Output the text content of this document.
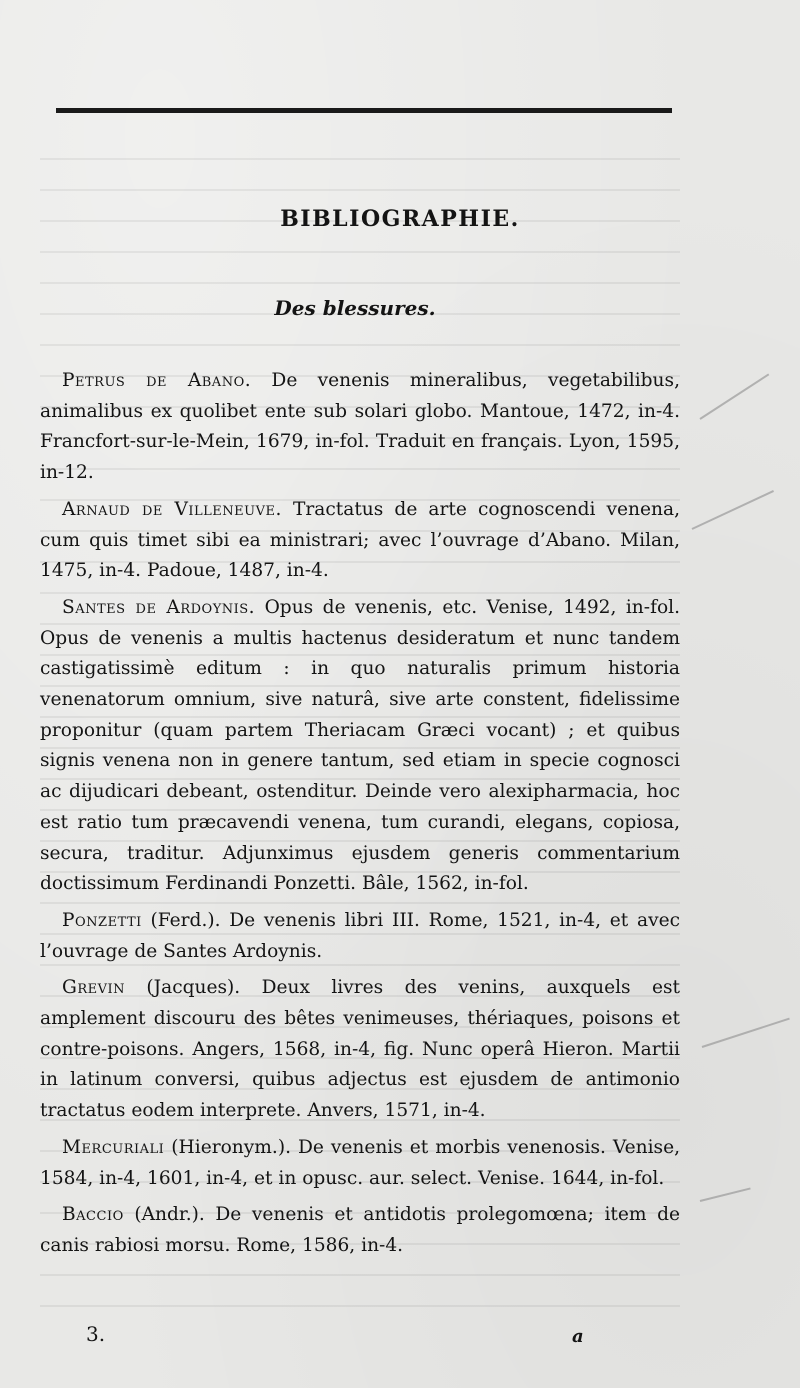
BIBLIOGRAPHIE.
Des blessures.

Petrus de Abano. De venenis mineralibus, vegetabilibus, animalibus ex quolibet ente sub solari globo. Mantoue, 1472, in-4. Francfort-sur-le-Mein, 1679, in-fol. Traduit en français. Lyon, 1595, in-12.

Arnaud de Villeneuve. Tractatus de arte cognoscendi venena, cum quis timet sibi ea ministrari; avec l’ouvrage d’Abano. Milan, 1475, in-4. Padoue, 1487, in-4.

Santes de Ardoynis. Opus de venenis, etc. Venise, 1492, in-fol. Opus de venenis a multis hactenus desideratum et nunc tandem castigatissimè editum : in quo naturalis primum historia venenatorum omnium, sive naturâ, sive arte constent, fidelissime proponitur (quam partem Theriacam Græci vocant) ; et quibus signis venena non in genere tantum, sed etiam in specie cognosci ac dijudicari debeant, ostenditur. Deinde vero alexipharmacia, hoc est ratio tum præcavendi venena, tum curandi, elegans, copiosa, secura, traditur. Adjunximus ejusdem generis commentarium doctissimum Ferdinandi Ponzetti. Bâle, 1562, in-fol.

Ponzetti (Ferd.). De venenis libri III. Rome, 1521, in-4, et avec l’ouvrage de Santes Ardoynis.

Grevin (Jacques). Deux livres des venins, auxquels est amplement discouru des bêtes venimeuses, thériaques, poisons et contre-poisons. Angers, 1568, in-4, fig. Nunc operâ Hieron. Martii in latinum conversi, quibus adjectus est ejusdem de antimonio tractatus eodem interprete. Anvers, 1571, in-4.

Mercuriali (Hieronym.). De venenis et morbis venenosis. Venise, 1584, in-4, 1601, in-4, et in opusc. aur. select. Venise. 1644, in-fol.

Baccio (Andr.). De venenis et antidotis prolegomœna; item de canis rabiosi morsu. Rome, 1586, in-4.

3.	a
